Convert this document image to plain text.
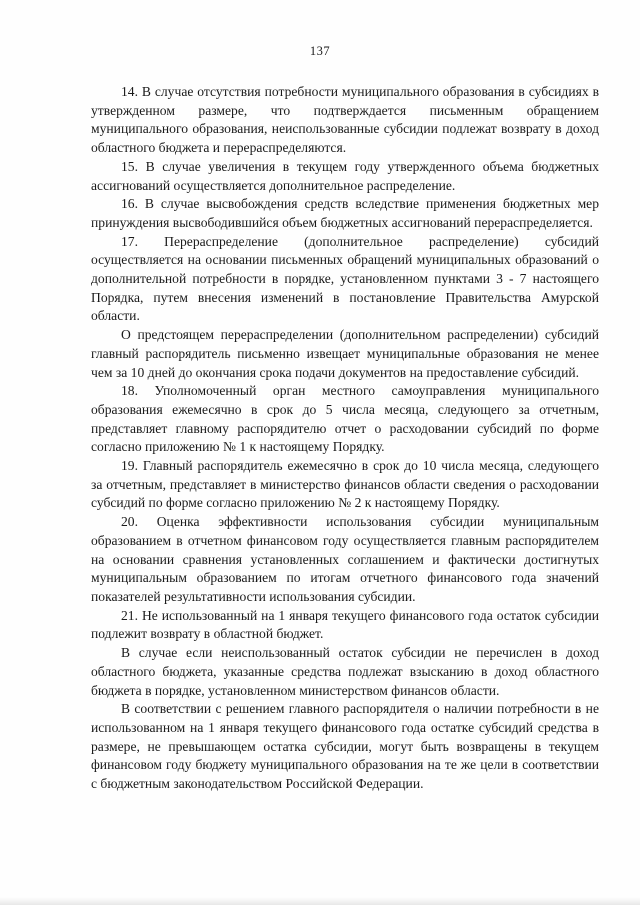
137

14. В случае отсутствия потребности муниципального образования в субсидиях в утвержденном размере, что подтверждается письменным обращением муниципального образования, неиспользованные субсидии подлежат возврату в доход областного бюджета и перераспределяются.

15. В случае увеличения в текущем году утвержденного объема бюджетных ассигнований осуществляется дополнительное распределение.

16. В случае высвобождения средств вследствие применения бюджетных мер принуждения высвободившийся объем бюджетных ассигнований перераспределяется.

17. Перераспределение (дополнительное распределение) субсидий осуществляется на основании письменных обращений муниципальных образований о дополнительной потребности в порядке, установленном пунктами 3 - 7 настоящего Порядка, путем внесения изменений в постановление Правительства Амурской области.

О предстоящем перераспределении (дополнительном распределении) субсидий главный распорядитель письменно извещает муниципальные образования не менее чем за 10 дней до окончания срока подачи документов на предоставление субсидий.

18. Уполномоченный орган местного самоуправления муниципального образования ежемесячно в срок до 5 числа месяца, следующего за отчетным, представляет главному распорядителю отчет о расходовании субсидий по форме согласно приложению № 1 к настоящему Порядку.

19. Главный распорядитель ежемесячно в срок до 10 числа месяца, следующего за отчетным, представляет в министерство финансов области сведения о расходовании субсидий по форме согласно приложению № 2 к настоящему Порядку.

20. Оценка эффективности использования субсидии муниципальным образованием в отчетном финансовом году осуществляется главным распорядителем на основании сравнения установленных соглашением и фактически достигнутых муниципальным образованием по итогам отчетного финансового года значений показателей результативности использования субсидии.

21. Не использованный на 1 января текущего финансового года остаток субсидии подлежит возврату в областной бюджет.

В случае если неиспользованный остаток субсидии не перечислен в доход областного бюджета, указанные средства подлежат взысканию в доход областного бюджета в порядке, установленном министерством финансов области.

В соответствии с решением главного распорядителя о наличии потребности в не использованном на 1 января текущего финансового года остатке субсидий средства в размере, не превышающем остатка субсидии, могут быть возвращены в текущем финансовом году бюджету муниципального образования на те же цели в соответствии с бюджетным законодательством Российской Федерации.
